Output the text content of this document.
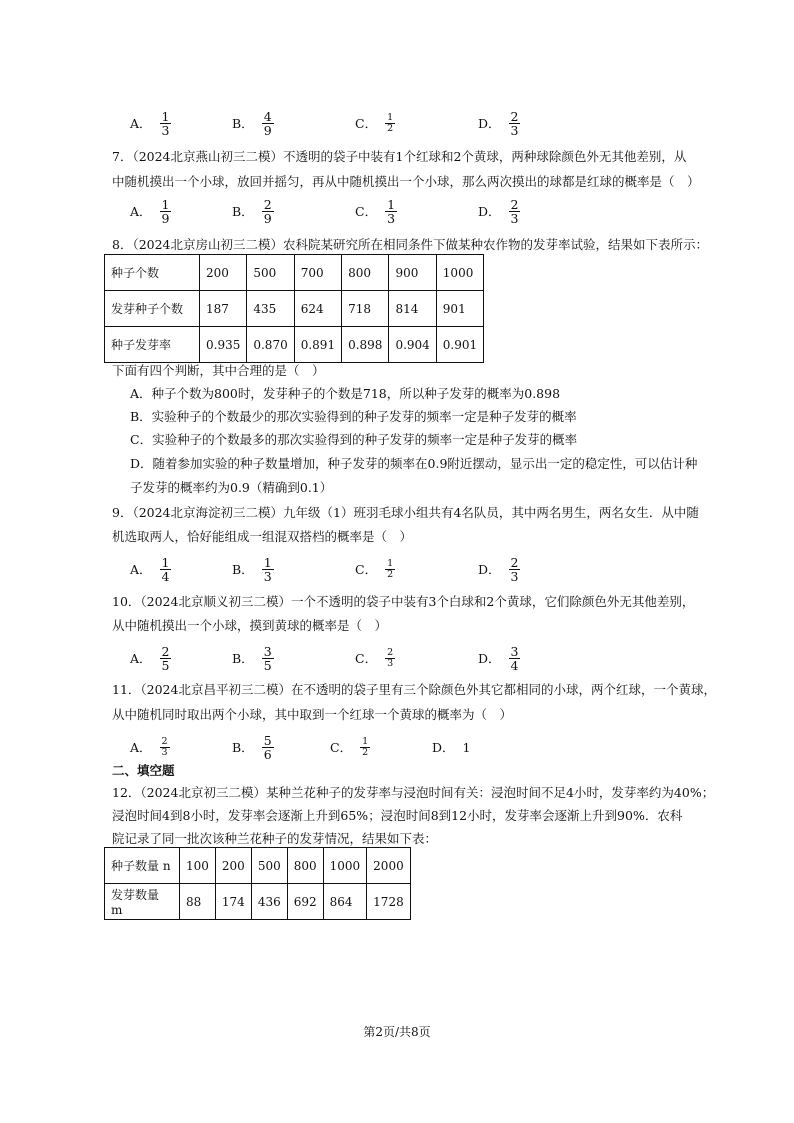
A． $\frac{1}{3}$	B． $\frac{4}{9}$	C． $\frac{1}{2}$	D． $\frac{2}{3}$
7．（2024北京燕山初三二模）不透明的袋子中装有1个红球和2个黄球，两种球除颜色外无其他差别，从
中随机摸出一个小球，放回并摇匀，再从中随机摸出一个小球，那么两次摸出的球都是红球的概率是（　）
A． $\frac{1}{9}$	B． $\frac{2}{9}$	C． $\frac{1}{3}$	D． $\frac{2}{3}$
8．（2024北京房山初三二模）农科院某研究所在相同条件下做某种农作物的发芽率试验，结果如下表所示：
种子个数	200	500	700	800	900	1000
发芽种子个数	187	435	624	718	814	901
种子发芽率	0.935	0.870	0.891	0.898	0.904	0.901
下面有四个判断，其中合理的是（　）
A．种子个数为800时，发芽种子的个数是718，所以种子发芽的概率为0.898
B．实验种子的个数最少的那次实验得到的种子发芽的频率一定是种子发芽的概率
C．实验种子的个数最多的那次实验得到的种子发芽的频率一定是种子发芽的概率
D．随着参加实验的种子数量增加，种子发芽的频率在0.9附近摆动，显示出一定的稳定性，可以估计种
子发芽的概率约为0.9（精确到0.1）
9．（2024北京海淀初三二模）九年级（1）班羽毛球小组共有4名队员，其中两名男生，两名女生．从中随
机选取两人，恰好能组成一组混双搭档的概率是（　）
A． $\frac{1}{4}$	B． $\frac{1}{3}$	C． $\frac{1}{2}$	D． $\frac{2}{3}$
10．（2024北京顺义初三二模）一个不透明的袋子中装有3个白球和2个黄球，它们除颜色外无其他差别，
从中随机摸出一个小球，摸到黄球的概率是（　）
A． $\frac{2}{5}$	B． $\frac{3}{5}$	C． $\frac{2}{3}$	D． $\frac{3}{4}$
11．（2024北京昌平初三二模）在不透明的袋子里有三个除颜色外其它都相同的小球，两个红球，一个黄球，
从中随机同时取出两个小球，其中取到一个红球一个黄球的概率为（　）
A． $\frac{2}{3}$	B． $\frac{5}{6}$	C． $\frac{1}{2}$	D． 1
二、填空题
12．（2024北京初三二模）某种兰花种子的发芽率与浸泡时间有关：浸泡时间不足4小时，发芽率约为40%；
浸泡时间4到8小时，发芽率会逐渐上升到65%；浸泡时间8到12小时，发芽率会逐渐上升到90%．农科
院记录了同一批次该种兰花种子的发芽情况，结果如下表：
种子数量 n	100	200	500	800	1000	2000
发芽数量 m	88	174	436	692	864	1728
第2页/共8页
